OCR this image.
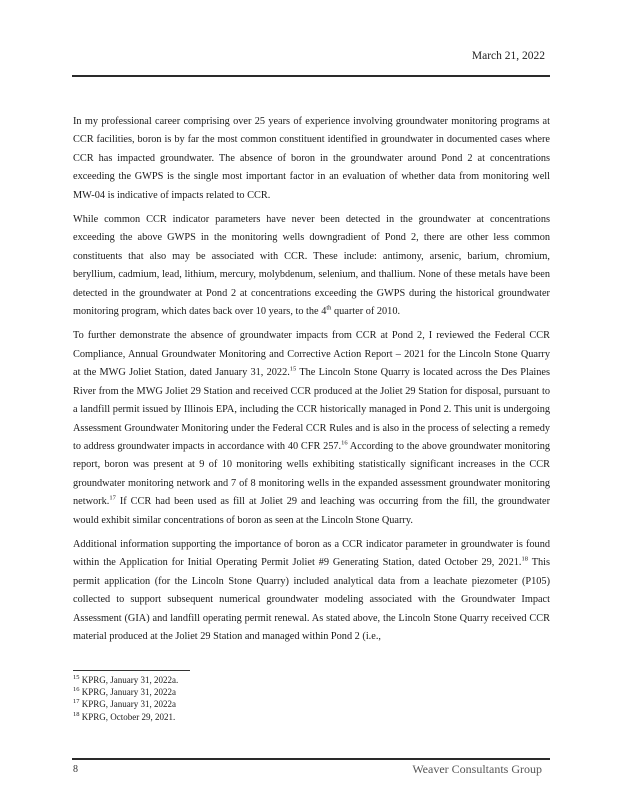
March 21, 2022

In my professional career comprising over 25 years of experience involving groundwater monitoring programs at CCR facilities, boron is by far the most common constituent identified in groundwater in documented cases where CCR has impacted groundwater. The absence of boron in the groundwater around Pond 2 at concentrations exceeding the GWPS is the single most important factor in an evaluation of whether data from monitoring well MW-04 is indicative of impacts related to CCR.

While common CCR indicator parameters have never been detected in the groundwater at concentrations exceeding the above GWPS in the monitoring wells downgradient of Pond 2, there are other less common constituents that also may be associated with CCR. These include: antimony, arsenic, barium, chromium, beryllium, cadmium, lead, lithium, mercury, molybdenum, selenium, and thallium. None of these metals have been detected in the groundwater at Pond 2 at concentrations exceeding the GWPS during the historical groundwater monitoring program, which dates back over 10 years, to the 4th quarter of 2010.

To further demonstrate the absence of groundwater impacts from CCR at Pond 2, I reviewed the Federal CCR Compliance, Annual Groundwater Monitoring and Corrective Action Report – 2021 for the Lincoln Stone Quarry at the MWG Joliet Station, dated January 31, 2022.15 The Lincoln Stone Quarry is located across the Des Plaines River from the MWG Joliet 29 Station and received CCR produced at the Joliet 29 Station for disposal, pursuant to a landfill permit issued by Illinois EPA, including the CCR historically managed in Pond 2. This unit is undergoing Assessment Groundwater Monitoring under the Federal CCR Rules and is also in the process of selecting a remedy to address groundwater impacts in accordance with 40 CFR 257.16 According to the above groundwater monitoring report, boron was present at 9 of 10 monitoring wells exhibiting statistically significant increases in the CCR groundwater monitoring network and 7 of 8 monitoring wells in the expanded assessment groundwater monitoring network.$^{17}$ If CCR had been used as fill at Joliet 29 and leaching was occurring from the fill, the groundwater would exhibit similar concentrations of boron as seen at the Lincoln Stone Quarry.

Additional information supporting the importance of boron as a CCR indicator parameter in groundwater is found within the Application for Initial Operating Permit Joliet #9 Generating Station, dated October 29, 2021.18 This permit application (for the Lincoln Stone Quarry) included analytical data from a leachate piezometer (P105) collected to support subsequent numerical groundwater modeling associated with the Groundwater Impact Assessment (GIA) and landfill operating permit renewal. As stated above, the Lincoln Stone Quarry received CCR material produced at the Joliet 29 Station and managed within Pond 2 (i.e.,

$^{15}$ KPRG, January 31, 2022a.
$^{16}$ KPRG, January 31, 2022a
$^{17}$ KPRG, January 31, 2022a
$^{18}$ KPRG, October 29, 2021.
8	Weaver Consultants Group
